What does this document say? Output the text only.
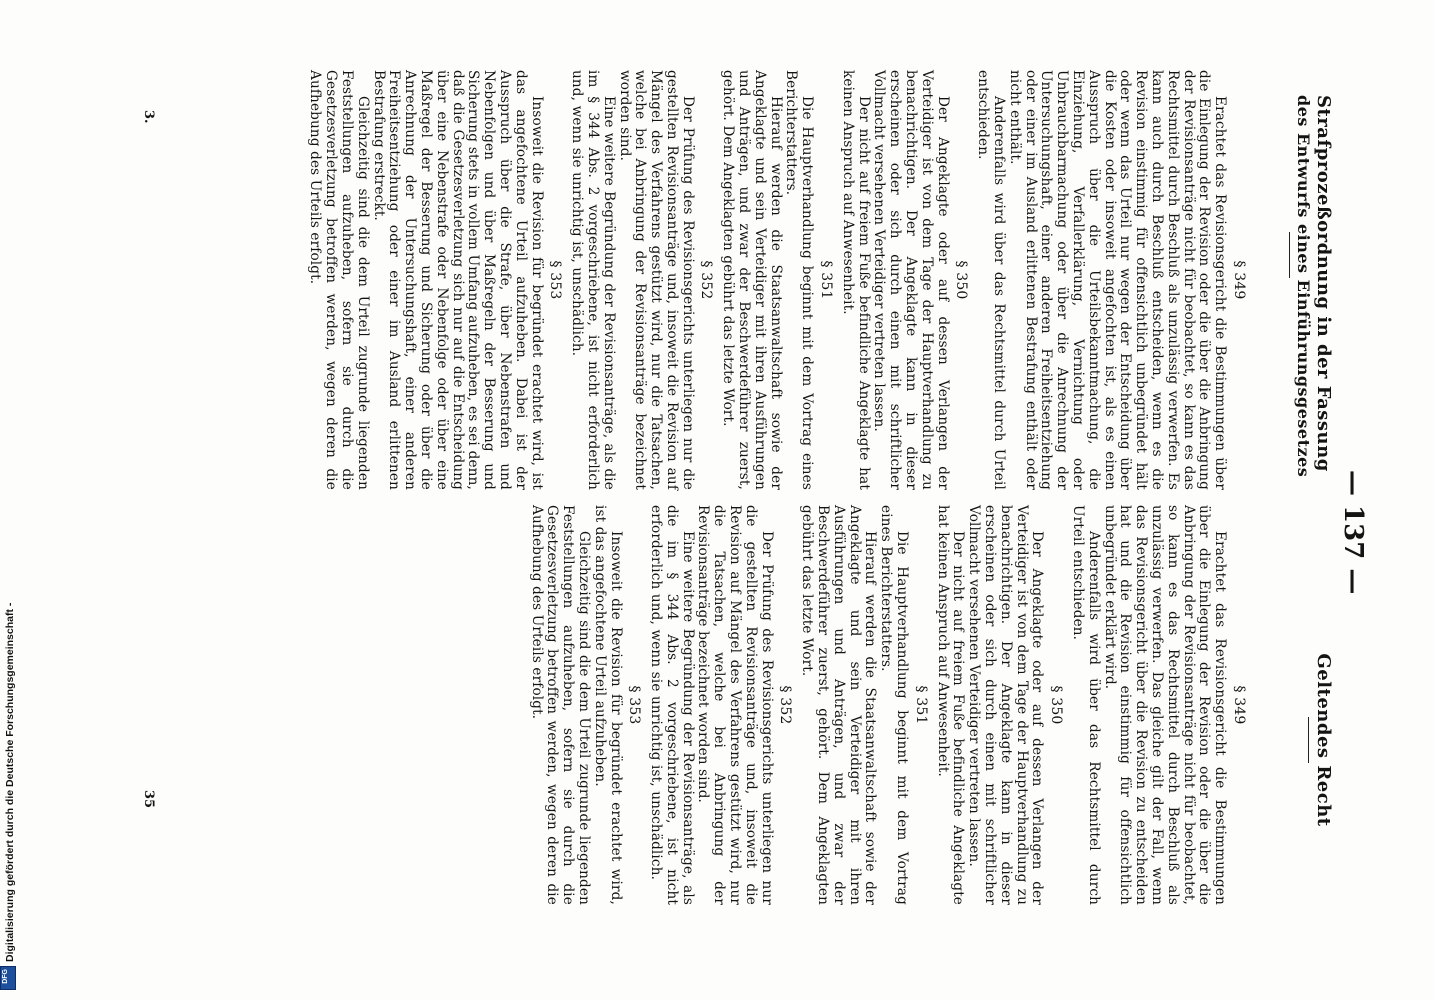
— 137 —
Geltendes Recht
Strafprozeßordnung in der Fassung
des Entwurfs eines Einführungsgesetzes
§ 349

Erachtet das Revisionsgericht die Bestimmungen über die Einlegung der Revision oder die über die Anbringung der Revisionsanträge nicht für beobachtet, so kann es das Rechtsmittel durch Beschluß als unzulässig verwerfen. Das gleiche gilt der Fall, wenn das Revisionsgericht über die Revision zu entscheiden hat und die Revision einstimmig für offensichtlich unbegründet erklärt wird.

Anderenfalls wird über das Rechtsmittel durch Urteil entschieden.

§ 350

Der Angeklagte oder auf dessen Verlangen der Verteidiger ist von dem Tage der Hauptverhandlung zu benachrichtigen. Der Angeklagte kann in dieser erscheinen oder sich durch einen mit schriftlicher Vollmacht versehenen Verteidiger vertreten lassen.

Der nicht auf freiem Fuße befindliche Angeklagte hat keinen Anspruch auf Anwesenheit.

§ 351

Die Hauptverhandlung beginnt mit dem Vortrag eines Berichterstatters.

Hierauf werden die Staatsanwaltschaft sowie der Angeklagte und sein Verteidiger mit ihren Ausführungen und Anträgen, und zwar der Beschwerdeführer zuerst, gehört. Dem Angeklagten gebührt das letzte Wort.

§ 352

Der Prüfung des Revisionsgerichts unterliegen nur die gestellten Revisionsanträge und, insoweit die Revision auf Mängel des Verfahrens gestützt wird, nur die Tatsachen, welche bei Anbringung der Revisionsanträge bezeichnet worden sind.

Eine weitere Begründung der Revisionsanträge, als die im § 344 Abs. 2 vorgeschriebene, ist nicht erforderlich und, wenn sie unrichtig ist, unschädlich.

§ 353

Insoweit die Revision für begründet erachtet wird, ist das angefochtene Urteil aufzuheben.

Gleichzeitig sind die dem Urteil zugrunde liegenden Feststellungen aufzuheben, sofern sie durch die Gesetzesverletzung betroffen werden, wegen deren die Aufhebung des Urteils erfolgt.

§ 349

Erachtet das Revisionsgericht die Bestimmungen über die Einlegung der Revision oder die über die Anbringung der Revisionsanträge nicht für beobachtet, so kann es das Rechtsmittel durch Beschluß als unzulässig verwerfen. Es kann auch durch Beschluß entscheiden, wenn es die Revision einstimmig für offensichtlich unbegründet hält oder wenn das Urteil nur wegen der Entscheidung über die Kosten oder insoweit angefochten ist, als es einen Ausspruch über die Urteilsbekanntmachung, die Einziehung, Verfallerklärung, Vernichtung oder Unbrauchbarmachung oder über die Anrechnung der Untersuchungshaft, einer anderen Freiheitsentziehung oder einer im Ausland erlittenen Bestrafung enthält oder nicht enthält.

Anderenfalls wird über das Rechtsmittel durch Urteil entschieden.

§ 350

Der Angeklagte oder auf dessen Verlangen der Verteidiger ist von dem Tage der Hauptverhandlung zu benachrichtigen. Der Angeklagte kann in dieser erscheinen oder sich durch einen mit schriftlicher Vollmacht versehenen Verteidiger vertreten lassen.

Der nicht auf freiem Fuße befindliche Angeklagte hat keinen Anspruch auf Anwesenheit.

§ 351

Die Hauptverhandlung beginnt mit dem Vortrag eines Berichterstatters.

Hierauf werden die Staatsanwaltschaft sowie der Angeklagte und sein Verteidiger mit ihren Ausführungen und Anträgen, und zwar der Beschwerdeführer zuerst, gehört. Dem Angeklagten gebührt das letzte Wort.

§ 352

Der Prüfung des Revisionsgerichts unterliegen nur die gestellten Revisionsanträge und, insoweit die Revision auf Mängel des Verfahrens gestützt wird, nur die Tatsachen, welche bei Anbringung der Revisionsanträge bezeichnet worden sind.

Eine weitere Begründung der Revisionsanträge, als die im § 344 Abs. 2 vorgeschriebene, ist nicht erforderlich und, wenn sie unrichtig ist, unschädlich.

§ 353

Insoweit die Revision für begründet erachtet wird, ist das angefochtene Urteil aufzuheben. Dabei ist der Ausspruch über die Strafe, über Nebenstrafen und Nebenfolgen und über Maßregeln der Besserung und Sicherung stets in vollem Umfang aufzuheben, es sei denn, daß die Gesetzesverletzung sich nur auf die Entscheidung über eine Nebenstrafe oder Nebenfolge oder über eine Maßregel der Besserung und Sicherung oder über die Anrechnung der Untersuchungshaft, einer anderen Freiheitsentziehung oder einer im Ausland erlittenen Bestrafung erstreckt.

Gleichzeitig sind die dem Urteil zugrunde liegenden Feststellungen aufzuheben, sofern sie durch die Gesetzesverletzung betroffen werden, wegen deren die Aufhebung des Urteils erfolgt.

35
3.
Digitalisierung gefördert durch die Deutsche Forschungsgemeinschaft -
DFG
